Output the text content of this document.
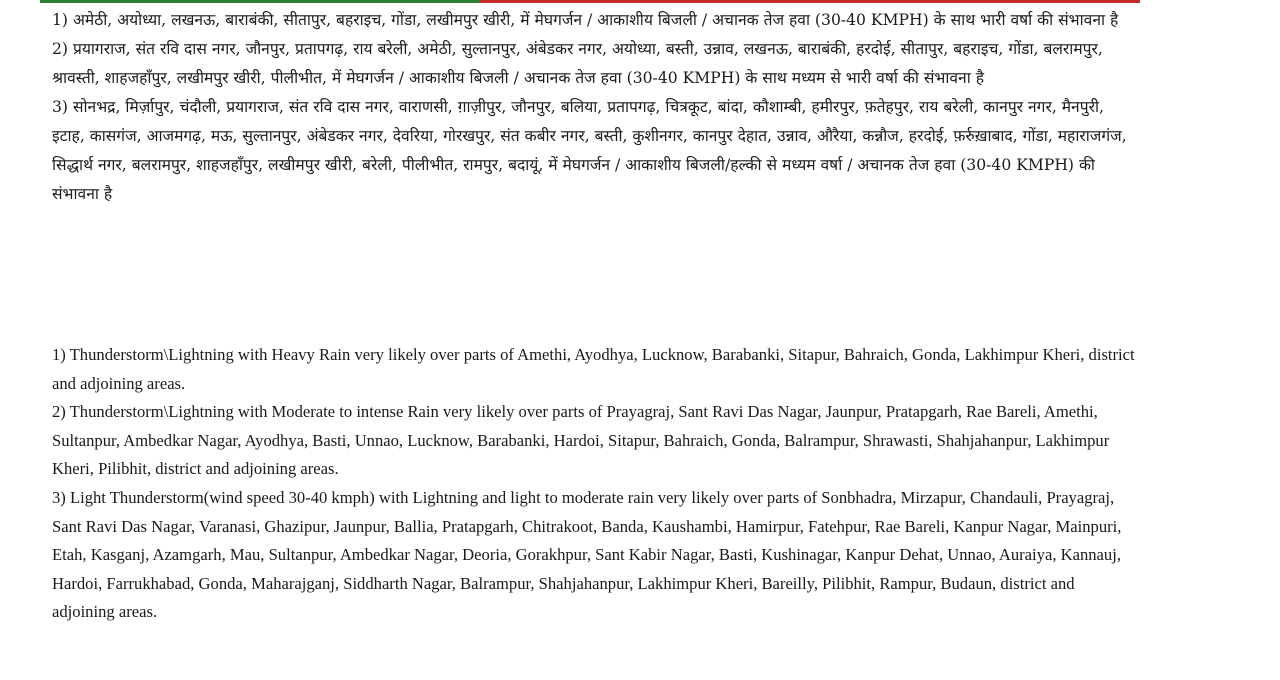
1) अमेठी, अयोध्या, लखनऊ, बाराबंकी, सीतापुर, बहराइच, गोंडा, लखीमपुर खीरी, में मेघगर्जन / आकाशीय बिजली / अचानक तेज हवा (30-40 KMPH) के साथ भारी वर्षा की संभावना है

2) प्रयागराज, संत रवि दास नगर, जौनपुर, प्रतापगढ़, राय बरेली, अमेठी, सुल्तानपुर, अंबेडकर नगर, अयोध्या, बस्ती, उन्नाव, लखनऊ, बाराबंकी, हरदोई, सीतापुर, बहराइच, गोंडा, बलरामपुर, श्रावस्ती, शाहजहाँपुर, लखीमपुर खीरी, पीलीभीत, में मेघगर्जन / आकाशीय बिजली / अचानक तेज हवा (30-40 KMPH) के साथ मध्यम से भारी वर्षा की संभावना है

3) सोनभद्र, मिर्ज़ापुर, चंदौली, प्रयागराज, संत रवि दास नगर, वाराणसी, ग़ाज़ीपुर, जौनपुर, बलिया, प्रतापगढ़, चित्रकूट, बांदा, कौशाम्बी, हमीरपुर, फ़तेहपुर, राय बरेली, कानपुर नगर, मैनपुरी, इटाह, कासगंज, आजमगढ़, मऊ, सुल्तानपुर, अंबेडकर नगर, देवरिया, गोरखपुर, संत कबीर नगर, बस्ती, कुशीनगर, कानपुर देहात, उन्नाव, औरैया, कन्नौज, हरदोई, फ़र्रुख़ाबाद, गोंडा, महाराजगंज, सिद्धार्थ नगर, बलरामपुर, शाहजहाँपुर, लखीमपुर खीरी, बरेली, पीलीभीत, रामपुर, बदायूं, में मेघगर्जन / आकाशीय बिजली/हल्की से मध्यम वर्षा / अचानक तेज हवा (30-40 KMPH) की संभावना है

1) Thunderstorm\Lightning with Heavy Rain very likely over parts of Amethi, Ayodhya, Lucknow, Barabanki, Sitapur, Bahraich, Gonda, Lakhimpur Kheri, district and adjoining areas.

2) Thunderstorm\Lightning with Moderate to intense Rain very likely over parts of Prayagraj, Sant Ravi Das Nagar, Jaunpur, Pratapgarh, Rae Bareli, Amethi, Sultanpur, Ambedkar Nagar, Ayodhya, Basti, Unnao, Lucknow, Barabanki, Hardoi, Sitapur, Bahraich, Gonda, Balrampur, Shrawasti, Shahjahanpur, Lakhimpur Kheri, Pilibhit, district and adjoining areas.

3) Light Thunderstorm(wind speed 30-40 kmph) with Lightning and light to moderate rain very likely over parts of Sonbhadra, Mirzapur, Chandauli, Prayagraj, Sant Ravi Das Nagar, Varanasi, Ghazipur, Jaunpur, Ballia, Pratapgarh, Chitrakoot, Banda, Kaushambi, Hamirpur, Fatehpur, Rae Bareli, Kanpur Nagar, Mainpuri, Etah, Kasganj, Azamgarh, Mau, Sultanpur, Ambedkar Nagar, Deoria, Gorakhpur, Sant Kabir Nagar, Basti, Kushinagar, Kanpur Dehat, Unnao, Auraiya, Kannauj, Hardoi, Farrukhabad, Gonda, Maharajganj, Siddharth Nagar, Balrampur, Shahjahanpur, Lakhimpur Kheri, Bareilly, Pilibhit, Rampur, Budaun, district and adjoining areas.
